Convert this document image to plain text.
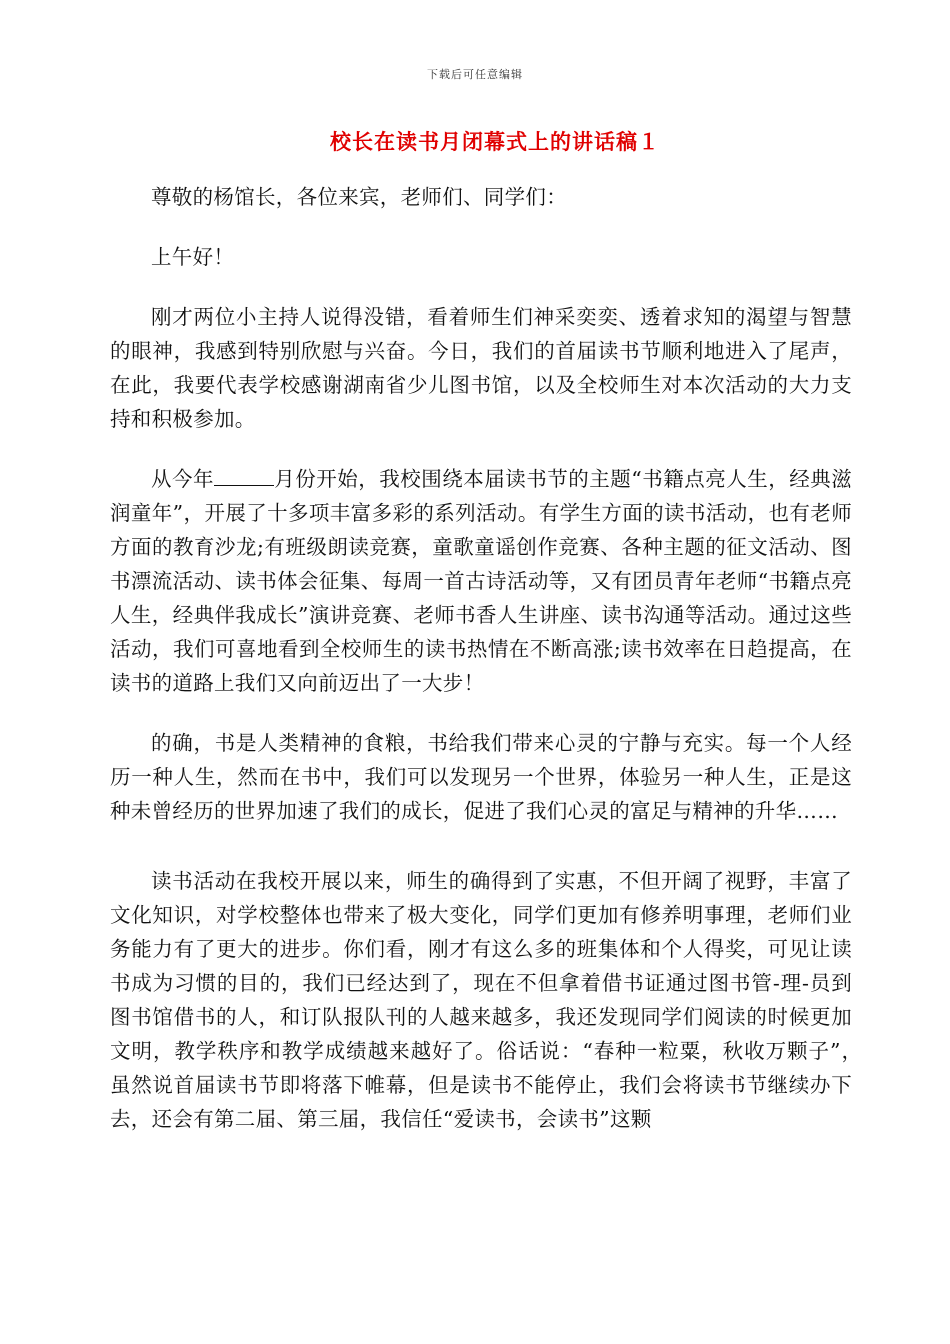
下载后可任意编辑
校长在读书月闭幕式上的讲话稿１

尊敬的杨馆长，各位来宾，老师们、同学们：

上午好！

刚才两位小主持人说得没错，看着师生们神采奕奕、透着求知的渴望与智慧的眼神，我感到特别欣慰与兴奋。今日，我们的首届读书节顺利地进入了尾声，在此，我要代表学校感谢湖南省少儿图书馆，以及全校师生对本次活动的大力支持和积极参加。

从今年	月份开始，我校围绕本届读书节的主题“书籍点亮人生，经典滋润童年”，开展了十多项丰富多彩的系列活动。有学生方面的读书活动，也有老师方面的教育沙龙;有班级朗读竞赛，童歌童谣创作竞赛、各种主题的征文活动、图书漂流活动、读书体会征集、每周一首古诗活动等，又有团员青年老师“书籍点亮人生，经典伴我成长”演讲竞赛、老师书香人生讲座、读书沟通等活动。通过这些活动，我们可喜地看到全校师生的读书热情在不断高涨;读书效率在日趋提高，在读书的道路上我们又向前迈出了一大步！

的确，书是人类精神的食粮，书给我们带来心灵的宁静与充实。每一个人经历一种人生，然而在书中，我们可以发现另一个世界，体验另一种人生，正是这种未曾经历的世界加速了我们的成长，促进了我们心灵的富足与精神的升华……

读书活动在我校开展以来，师生的确得到了实惠，不但开阔了视野，丰富了文化知识，对学校整体也带来了极大变化，同学们更加有修养明事理，老师们业务能力有了更大的进步。你们看，刚才有这么多的班集体和个人得奖，可见让读书成为习惯的目的，我们已经达到了，现在不但拿着借书证通过图书管-理-员到图书馆借书的人，和订队报队刊的人越来越多，我还发现同学们阅读的时候更加文明，教学秩序和教学成绩越来越好了。俗话说：“春种一粒粟，秋收万颗子”，　虽然说首届读书节即将落下帷幕，但是读书不能停止，我们会将读书节继续办下去，还会有第二届、第三届，我信任“爱读书，会读书”这颗
